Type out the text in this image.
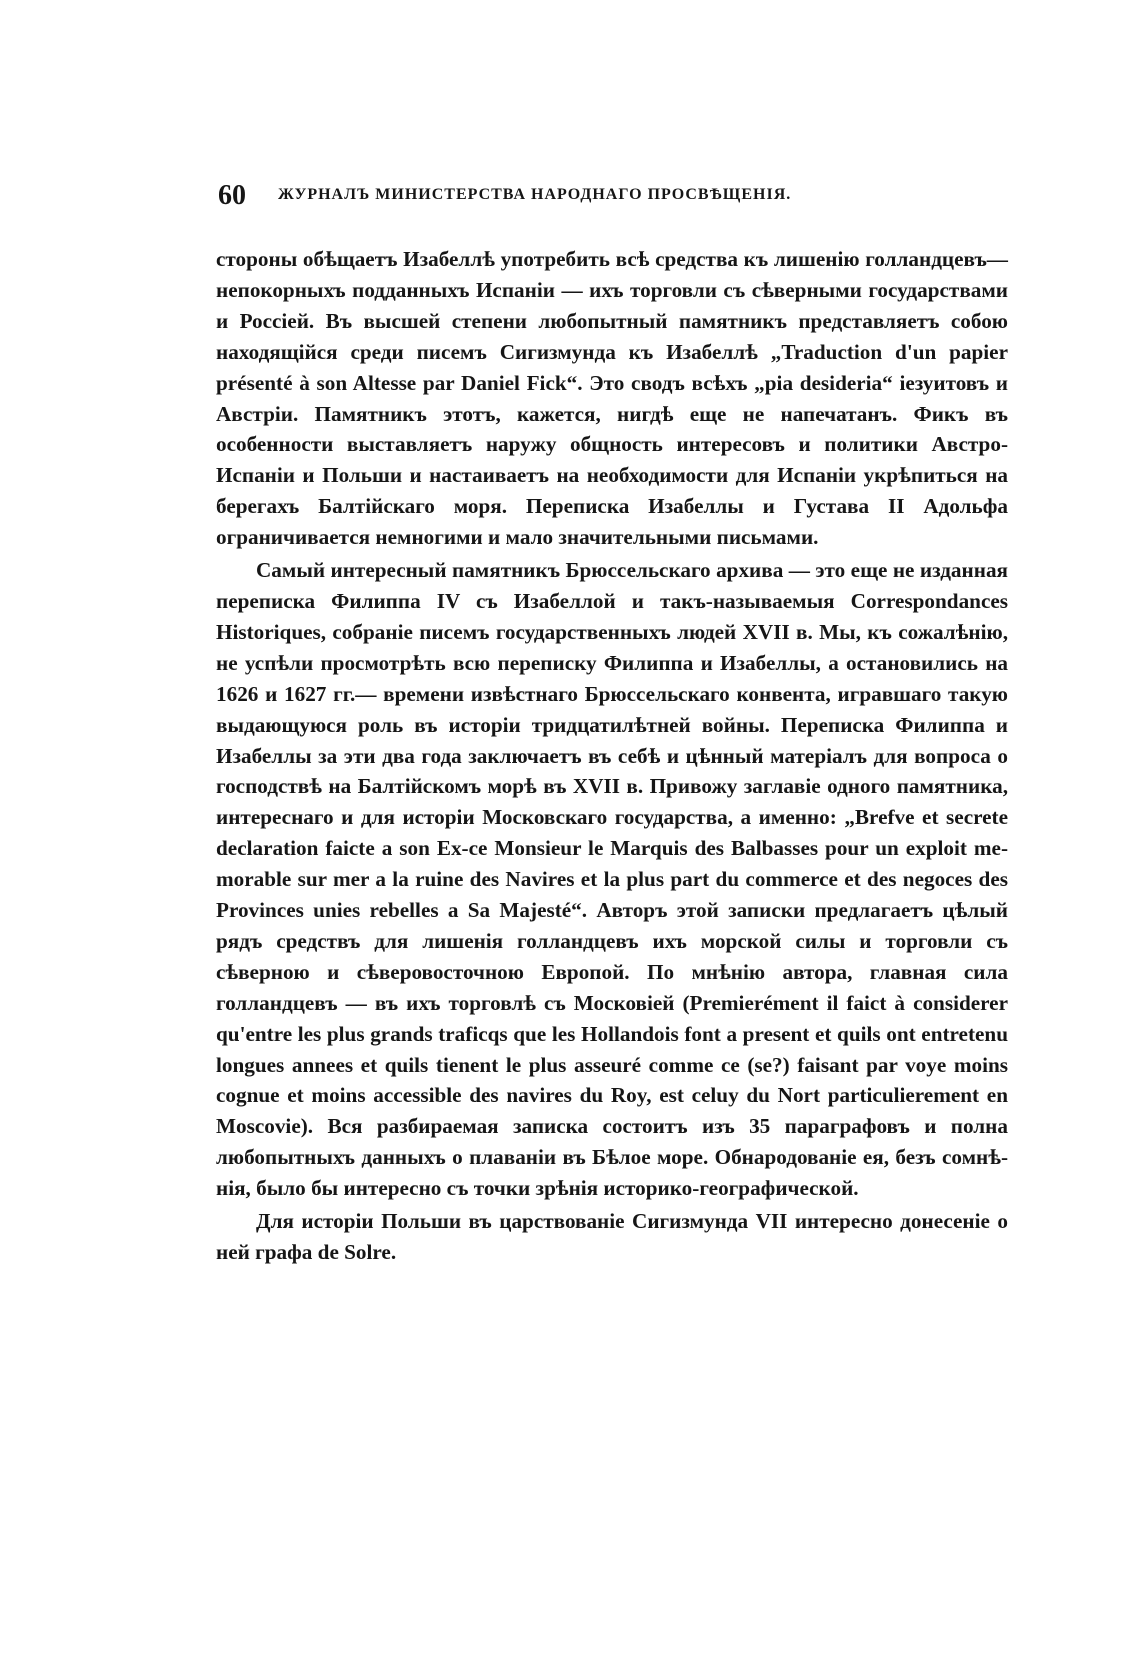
60 ЖУРНАЛЪ МИНИСТЕРСТВА НАРОДНАГО ПРОСВѢЩЕНІЯ.

стороны обѣщаетъ Изабеллѣ употребить всѣ средства къ лишенію голландцевъ—непокорныхъ подданныхъ Испаніи — ихъ торговли съ сѣверными государствами и Россіей. Въ высшей степени любопытный памятникъ представляетъ собою находящійся среди писемъ Сигизмунда къ Изабеллѣ „Traduction d'un papier présenté à son Altesse par Daniel Fick“. Это сводъ всѣхъ „pia desideria“ іезуитовъ и Австріи. Памятникъ этотъ, кажется, нигдѣ еще не напечатанъ. Фикъ въ особенности выставляетъ наружу общность интересовъ и политики Австро-Испаніи и Польши и настаиваетъ на необходимости для Испаніи укрѣпиться на берегахъ Балтійскаго моря. Переписка Изабеллы и Густава II Адольфа ограничивается немногими и мало значительными письмами.

Самый интересный памятникъ Брюссельскаго архива — это еще не изданная переписка Филиппа IV съ Изабеллой и такъ-называемыя Correspondances Historiques, собраніе писемъ государственныхъ людей XVII в. Мы, къ сожалѣнію, не успѣли просмотрѣть всю переписку Филиппа и Изабеллы, а остановились на 1626 и 1627 гг.— времени извѣстнаго Брюссельскаго конвента, игравшаго такую выдающуюся роль въ исторіи тридцатилѣтней войны. Переписка Филиппа и Изабеллы за эти два года заключаетъ въ себѣ и цѣнный матеріалъ для вопроса о господствѣ на Балтійскомъ морѣ въ XVII в. Привожу заглавіе одного памятника, интереснаго и для исторіи Московскаго государства, а именно: „Brefve et secrete declaration faicte a son Ex-ce Monsieur le Marquis des Balbasses pour un exploit memorable sur mer a la ruine des Navires et la plus part du commerce et des negoces des Provinces unies rebelles a Sa Majesté“. Авторъ этой записки предлагаетъ цѣлый рядъ средствъ для лишенія голландцевъ ихъ морской силы и торговли съ сѣверною и сѣверовосточною Европой. По мнѣнію автора, главная сила голландцевъ — въ ихъ торговлѣ съ Московіей (Premierément il faict à considerer qu'entre les plus grands traficqs que les Hollandois font a present et quils ont entretenu longues annees et quils tienent le plus asseuré comme ce (se?) faisant par voye moins cognue et moins accessible des navires du Roy, est celuy du Nort particulierement en Moscovie). Вся разбираемая записка состоитъ изъ 35 параграфовъ и полна любопытныхъ данныхъ о плаваніи въ Бѣлое море. Обнародованіе ея, безъ сомнѣнія, было бы интересно съ точки зрѣнія историко-географической.

Для исторіи Польши въ царствованіе Сигизмунда VII интересно донесеніе о ней графа de Solre.
